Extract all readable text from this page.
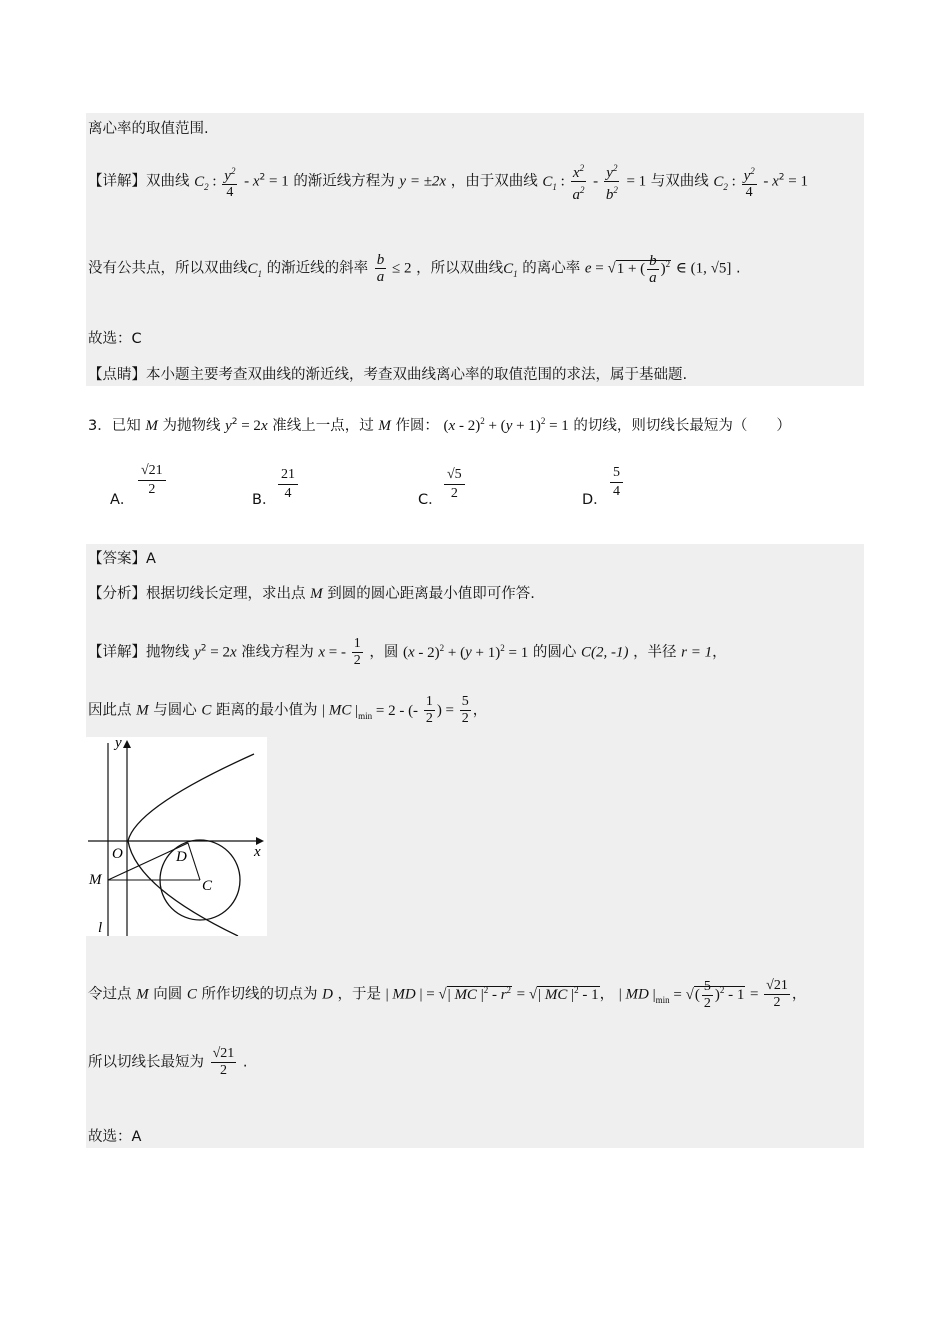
离心率的取值范围.
【详解】双曲线 $C_2$ : $\frac{y^2}{4} - x^2 = 1$ 的渐近线方程为 y = ±2x ，由于双曲线 $C_1$ : $\frac{x^2}{a^2} - \frac{y^2}{b^2} = 1$ 与双曲线 $C_2$ : $\frac{y^2}{4} - x^2 = 1$
没有公共点，所以双曲线$C_1$ 的渐近线的斜率 $\frac{b}{a} \le 2$ ，所以双曲线$C_1$ 的离心率 e = √1 + ( $\frac{b}{a} )^2$ ∈ (1, √5] .
故选：C
【点睛】本小题主要考查双曲线的渐近线，考查双曲线离心率的取值范围的求法，属于基础题.
3．已知 M 为抛物线 $y^2 = 2x$ 准线上一点，过 M 作圆： $(x - 2)^2 + (y + 1)^2 = 1$ 的切线，则切线长最短为（　　）
A．
√21
2
B．
21
4	C．
√5
2	D．
5
4
【答案】A
【分析】根据切线长定理，求出点 M 到圆的圆心距离最小值即可作答.
【详解】抛物线 $y^2 = 2x$ 准线方程为 x = - $\frac{1}{2}$ ，圆 $(x - 2)^2 + (y + 1)^2 = 1$ 的圆心 C(2, -1) ，半径 r = 1，
因此点 M 与圆心 C 距离的最小值为 | MC $|_{min} = 2$ - (- $\frac{1}{2}$ ) = $\frac{5}{2}$ ，
y
x
O	D
M	C
l
令过点 M 向圆 C 所作切线的切点为 D ，于是 | MD | = √| MC $|^2 - r^2$ = √| MC $|^2 - 1$， | MD $|_{min}$ = √( $\frac{5}{2} )^2 - 1 = \frac{√21}{2}$ ，
所以切线长最短为 $\frac{√21}{2}$ .
故选：A
